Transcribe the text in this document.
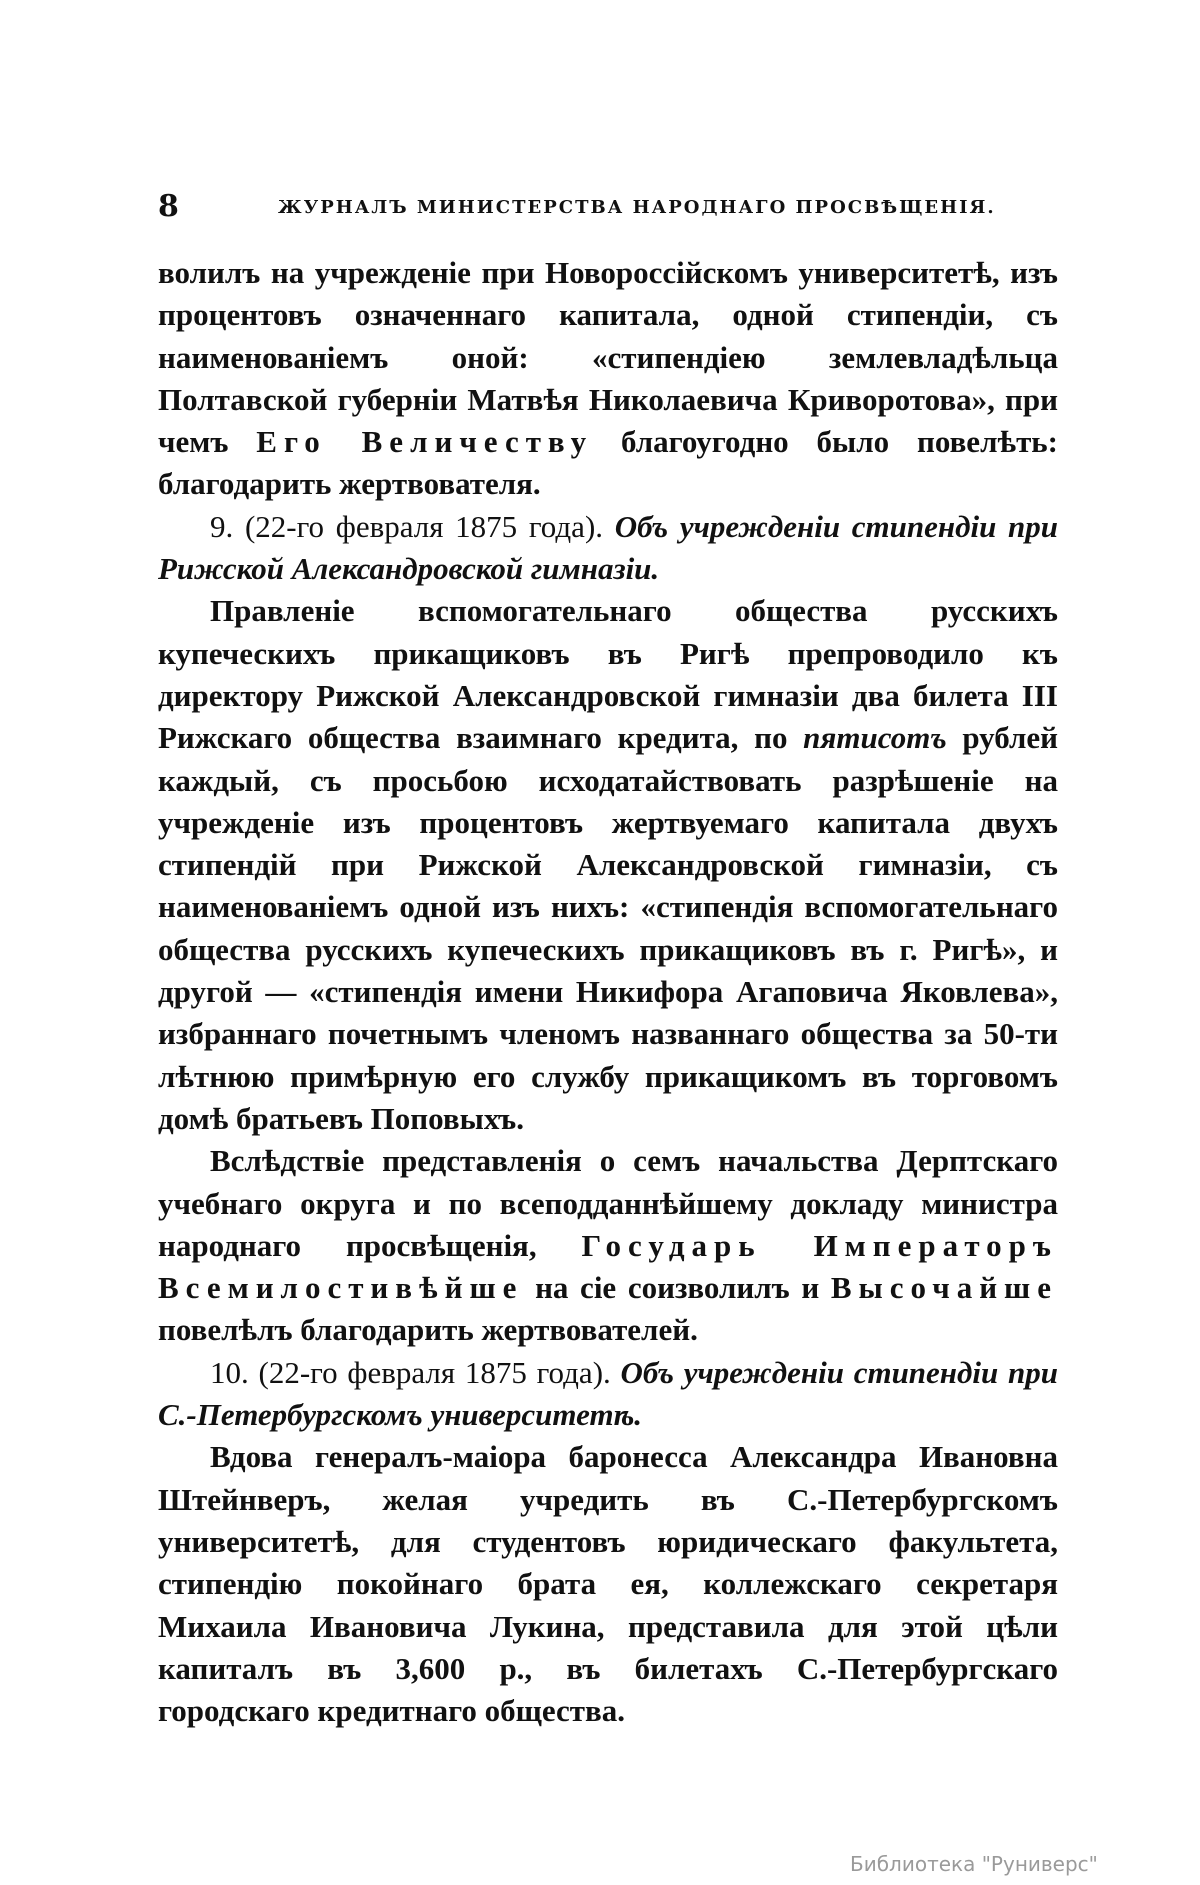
8	ЖУРНАЛЪ МИНИСТЕРСТВА НАРОДНАГО ПРОСВѢЩЕНІЯ.

волилъ на учрежденіе при Новороссійскомъ университетѣ, изъ процентовъ означеннаго капитала, одной стипендіи, съ наименованіемъ оной: «стипендіею землевладѣльца Полтавской губерніи Матвѣя Николаевича Криворотова», при чемъ Его Величеству благоугодно было повелѣть: благодарить жертвователя.

9. (22-го февраля 1875 года). Объ учрежденіи стипендіи при Рижской Александровской гимназіи.

Правленіе вспомогательнаго общества русскихъ купеческихъ прикащиковъ въ Ригѣ препроводило къ директору Рижской Александровской гимназіи два билета III Рижскаго общества взаимнаго кредита, по пятисотъ рублей каждый, съ просьбою исходатайствовать разрѣшеніе на учрежденіе изъ процентовъ жертвуемаго капитала двухъ стипендій при Рижской Александровской гимназіи, съ наименованіемъ одной изъ нихъ: «стипендія вспомогательнаго общества русскихъ купеческихъ прикащиковъ въ г. Ригѣ», и другой — «стипендія имени Никифора Агаповича Яковлева», избраннаго почетнымъ членомъ названнаго общества за 50-ти лѣтнюю примѣрную его службу прикащикомъ въ торговомъ домѣ братьевъ Поповыхъ.

Вслѣдствіе представленія о семъ начальства Дерптскаго учебнаго округа и по всеподданнѣйшему докладу министра народнаго просвѣщенія, Государь Императоръ Всемилостивѣйше на сіе соизволилъ и Высочайше повелѣлъ благодарить жертвователей.

10. (22-го февраля 1875 года). Объ учрежденіи стипендіи при С.-Петербургскомъ университетѣ.

Вдова генералъ-маіора баронесса Александра Ивановна Штейнверъ, желая учредить въ С.-Петербургскомъ университетѣ, для студентовъ юридическаго факультета, стипендію покойнаго брата ея, коллежскаго секретаря Михаила Ивановича Лукина, представила для этой цѣли капиталъ въ 3,600 р., въ билетахъ С.-Петербургскаго городскаго кредитнаго общества.

Библиотека "Руниверс"
